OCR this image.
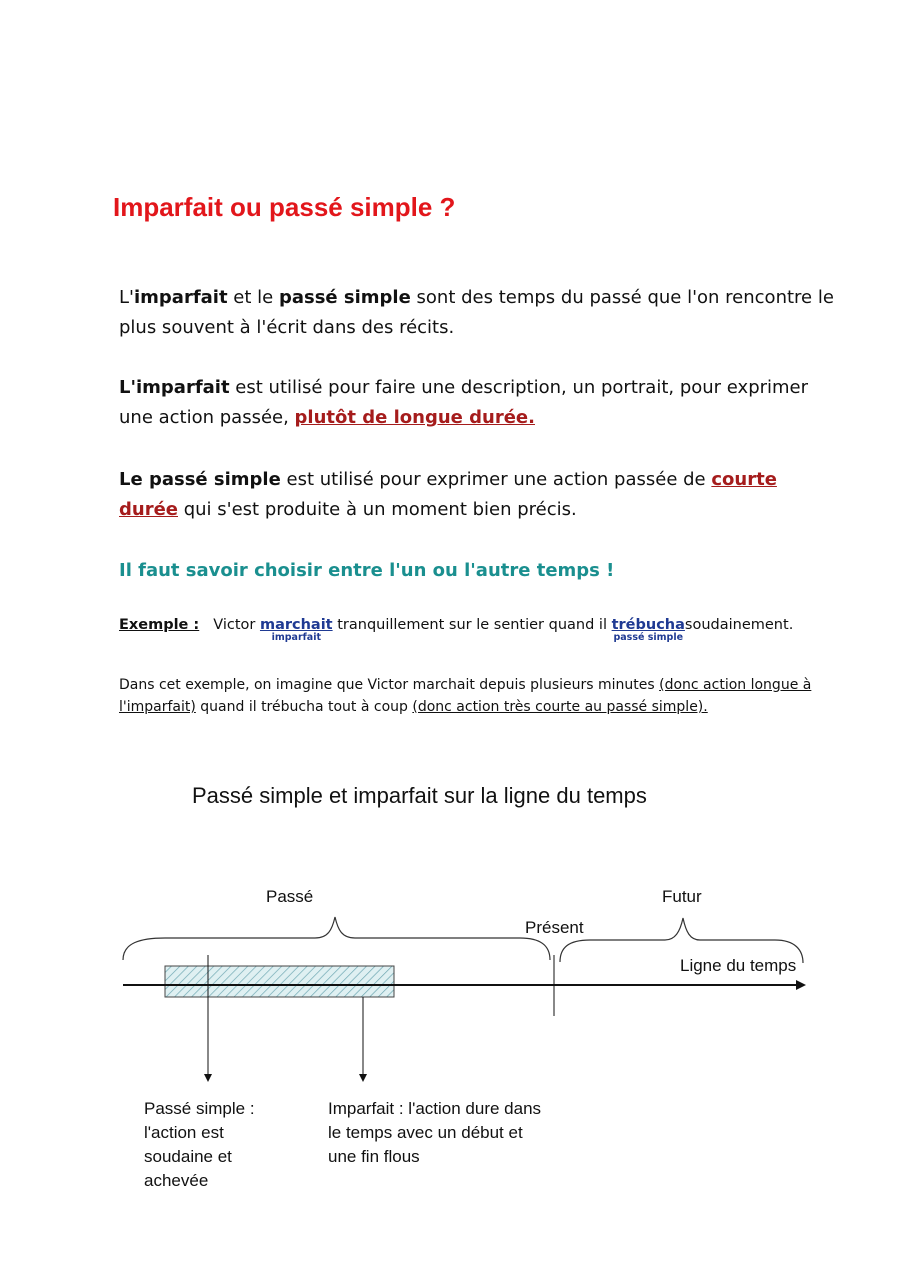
Imparfait ou passé simple ?
L'imparfait et le passé simple sont des temps du passé que l'on rencontre le plus souvent à l'écrit dans des récits.
L'imparfait est utilisé pour faire une description, un portrait, pour exprimer une action passée, plutôt de longue durée.
Le passé simple est utilisé pour exprimer une action passée de courte durée qui s'est produite à un moment bien précis.
Il faut savoir choisir entre l'un ou l'autre temps !
Exemple : Victor marchait
imparfait
tranquillement sur le sentier quand il trébucha
passé simple
soudainement.
Dans cet exemple, on imagine que Victor marchait depuis plusieurs minutes (donc action longue à l'imparfait) quand il trébucha tout à coup (donc action très courte au passé simple).
Passé simple et imparfait sur la ligne du temps
Passé
Présent
Futur
Ligne du temps
Passé simple : l'action est soudaine et achevée
Imparfait : l'action dure dans le temps avec un début et une fin flous
